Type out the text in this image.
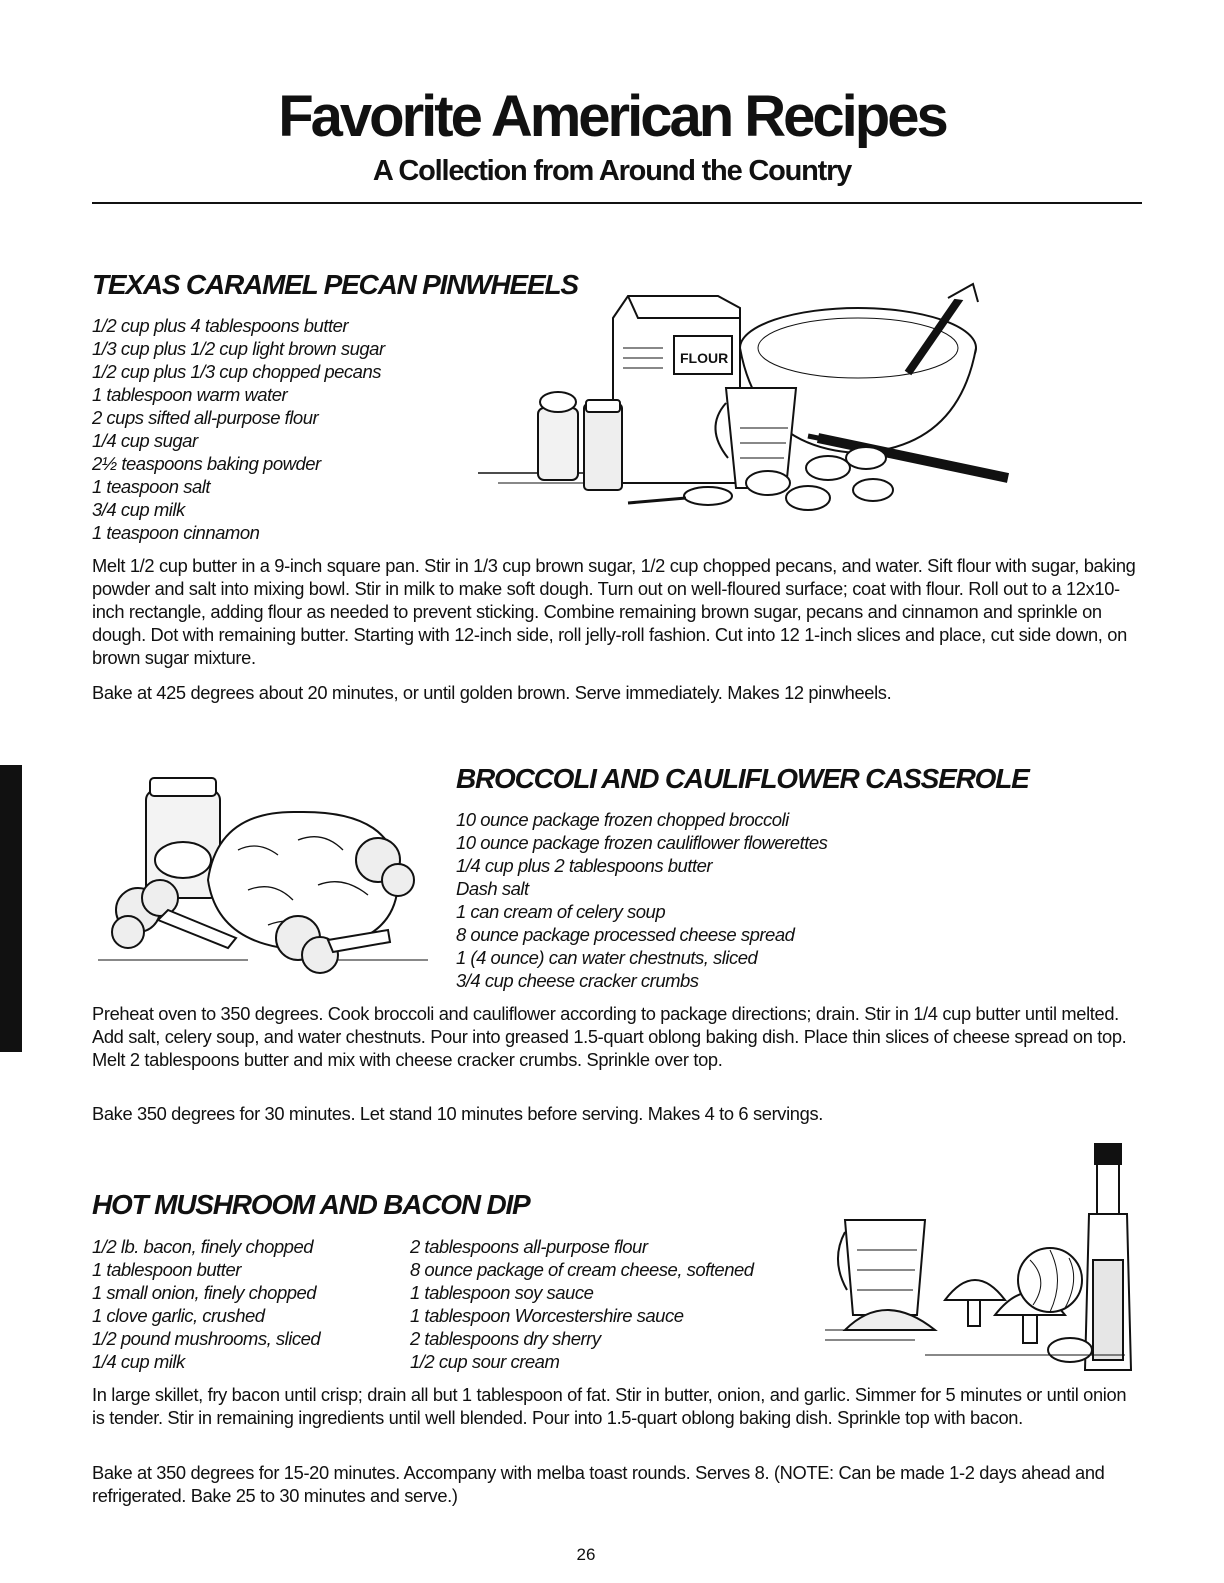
Favorite American Recipes
A Collection from Around the Country
TEXAS CARAMEL PECAN PINWHEELS
1/2 cup plus 4 tablespoons butter
1/3 cup plus 1/2 cup light brown sugar
1/2 cup plus 1/3 cup chopped pecans
1 tablespoon warm water
2 cups sifted all-purpose flour
1/4 cup sugar
2½ teaspoons baking powder
1 teaspoon salt
3/4 cup milk
1 teaspoon cinnamon
FLOUR

Melt 1/2 cup butter in a 9-inch square pan. Stir in 1/3 cup brown sugar, 1/2 cup chopped pecans, and water. Sift flour with sugar, baking powder and salt into mixing bowl. Stir in milk to make soft dough. Turn out on well-floured surface; coat with flour. Roll out to a 12x10-inch rectangle, adding flour as needed to prevent sticking. Combine remaining brown sugar, pecans and cinnamon and sprinkle on dough. Dot with remaining butter. Starting with 12-inch side, roll jelly-roll fashion. Cut into 12 1-inch slices and place, cut side down, on brown sugar mixture.

Bake at 425 degrees about 20 minutes, or until golden brown. Serve immediately. Makes 12 pinwheels.

BROCCOLI AND CAULIFLOWER CASSEROLE
10 ounce package frozen chopped broccoli
10 ounce package frozen cauliflower flowerettes
1/4 cup plus 2 tablespoons butter
Dash salt
1 can cream of celery soup
8 ounce package processed cheese spread
1 (4 ounce) can water chestnuts, sliced
3/4 cup cheese cracker crumbs

Preheat oven to 350 degrees. Cook broccoli and cauliflower according to package directions; drain. Stir in 1/4 cup butter until melted. Add salt, celery soup, and water chestnuts. Pour into greased 1.5-quart oblong baking dish. Place thin slices of cheese spread on top. Melt 2 tablespoons butter and mix with cheese cracker crumbs. Sprinkle over top.

Bake 350 degrees for 30 minutes. Let stand 10 minutes before serving. Makes 4 to 6 servings.

HOT MUSHROOM AND BACON DIP
1/2 lb. bacon, finely chopped
1 tablespoon butter
1 small onion, finely chopped
1 clove garlic, crushed
1/2 pound mushrooms, sliced
1/4 cup milk
2 tablespoons all-purpose flour
8 ounce package of cream cheese, softened
1 tablespoon soy sauce
1 tablespoon Worcestershire sauce
2 tablespoons dry sherry
1/2 cup sour cream

In large skillet, fry bacon until crisp; drain all but 1 tablespoon of fat. Stir in butter, onion, and garlic. Simmer for 5 minutes or until onion is tender. Stir in remaining ingredients until well blended. Pour into 1.5-quart oblong baking dish. Sprinkle top with bacon.

Bake at 350 degrees for 15-20 minutes. Accompany with melba toast rounds. Serves 8. (NOTE: Can be made 1-2 days ahead and refrigerated. Bake 25 to 30 minutes and serve.)

26
